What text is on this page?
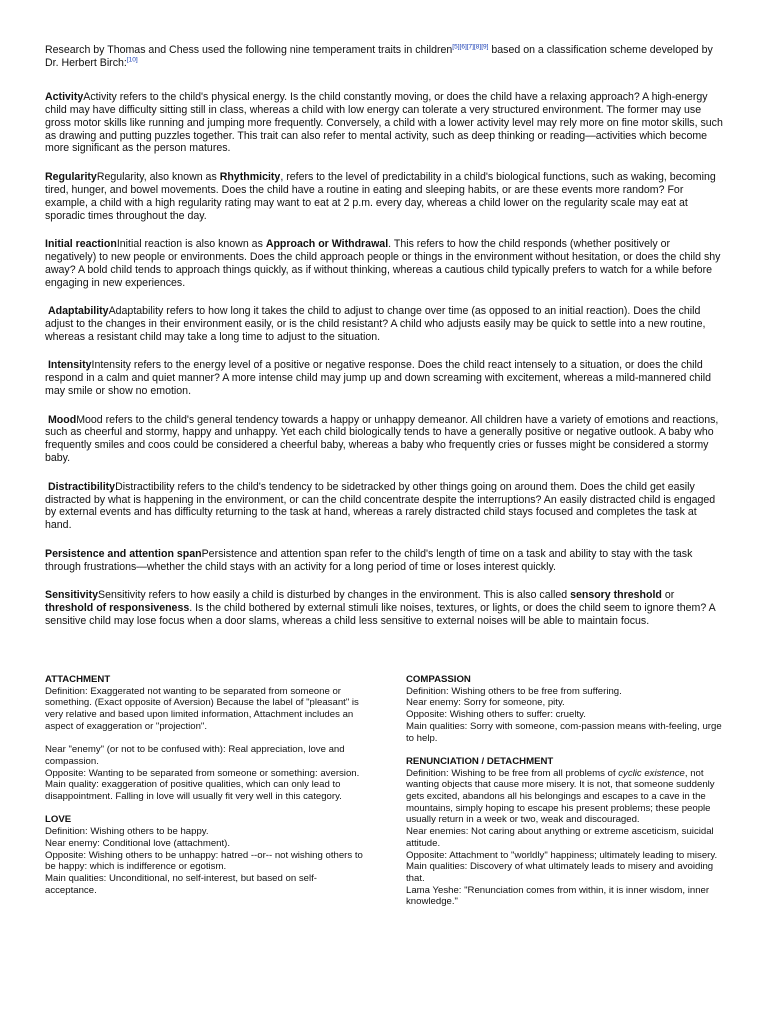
Research by Thomas and Chess used the following nine temperament traits in children[5][6][7][8][9] based on a classification scheme developed by Dr. Herbert Birch:[10]

ActivityActivity refers to the child's physical energy. Is the child constantly moving, or does the child have a relaxing approach? A high-energy child may have difficulty sitting still in class, whereas a child with low energy can tolerate a very structured environment. The former may use gross motor skills like running and jumping more frequently. Conversely, a child with a lower activity level may rely more on fine motor skills, such as drawing and putting puzzles together. This trait can also refer to mental activity, such as deep thinking or reading—activities which become more significant as the person matures.

RegularityRegularity, also known as Rhythmicity, refers to the level of predictability in a child's biological functions, such as waking, becoming tired, hunger, and bowel movements. Does the child have a routine in eating and sleeping habits, or are these events more random? For example, a child with a high regularity rating may want to eat at 2 p.m. every day, whereas a child lower on the regularity scale may eat at sporadic times throughout the day.

Initial reactionInitial reaction is also known as Approach or Withdrawal. This refers to how the child responds (whether positively or negatively) to new people or environments. Does the child approach people or things in the environment without hesitation, or does the child shy away? A bold child tends to approach things quickly, as if without thinking, whereas a cautious child typically prefers to watch for a while before engaging in new experiences.

AdaptabilityAdaptability refers to how long it takes the child to adjust to change over time (as opposed to an initial reaction). Does the child adjust to the changes in their environment easily, or is the child resistant? A child who adjusts easily may be quick to settle into a new routine, whereas a resistant child may take a long time to adjust to the situation.

IntensityIntensity refers to the energy level of a positive or negative response. Does the child react intensely to a situation, or does the child respond in a calm and quiet manner? A more intense child may jump up and down screaming with excitement, whereas a mild-mannered child may smile or show no emotion.

MoodMood refers to the child's general tendency towards a happy or unhappy demeanor. All children have a variety of emotions and reactions, such as cheerful and stormy, happy and unhappy. Yet each child biologically tends to have a generally positive or negative outlook. A baby who frequently smiles and coos could be considered a cheerful baby, whereas a baby who frequently cries or fusses might be considered a stormy baby.

DistractibilityDistractibility refers to the child's tendency to be sidetracked by other things going on around them. Does the child get easily distracted by what is happening in the environment, or can the child concentrate despite the interruptions? An easily distracted child is engaged by external events and has difficulty returning to the task at hand, whereas a rarely distracted child stays focused and completes the task at hand.

Persistence and attention spanPersistence and attention span refer to the child's length of time on a task and ability to stay with the task through frustrations—whether the child stays with an activity for a long period of time or loses interest quickly.

SensitivitySensitivity refers to how easily a child is disturbed by changes in the environment. This is also called sensory threshold or threshold of responsiveness. Is the child bothered by external stimuli like noises, textures, or lights, or does the child seem to ignore them? A sensitive child may lose focus when a door slams, whereas a child less sensitive to external noises will be able to maintain focus.

ATTACHMENT

Definition: Exaggerated not wanting to be separated from someone or something. (Exact opposite of Aversion) Because the label of "pleasant" is very relative and based upon limited information, Attachment includes an aspect of exaggeration or "projection".

Near "enemy" (or not to be confused with): Real appreciation, love and compassion.

Opposite: Wanting to be separated from someone or something: aversion.

Main quality: exaggeration of positive qualities, which can only lead to disappointment. Falling in love will usually fit very well in this category.

LOVE

Definition: Wishing others to be happy.

Near enemy: Conditional love (attachment).

Opposite: Wishing others to be unhappy: hatred --or-- not wishing others to be happy: which is indifference or egotism.

Main qualities: Unconditional, no self-interest, but based on self-acceptance.

COMPASSION

Definition: Wishing others to be free from suffering.

Near enemy: Sorry for someone, pity.

Opposite: Wishing others to suffer: cruelty.

Main qualities: Sorry with someone, com-passion means with-feeling, urge to help.

RENUNCIATION / DETACHMENT

Definition: Wishing to be free from all problems of cyclic existence, not wanting objects that cause more misery. It is not, that someone suddenly gets excited, abandons all his belongings and escapes to a cave in the mountains, simply hoping to escape his present problems; these people usually return in a week or two, weak and discouraged.

Near enemies: Not caring about anything or extreme asceticism, suicidal attitude.

Opposite: Attachment to "worldly" happiness; ultimately leading to misery.

Main qualities: Discovery of what ultimately leads to misery and avoiding that.

Lama Yeshe: "Renunciation comes from within, it is inner wisdom, inner knowledge."
